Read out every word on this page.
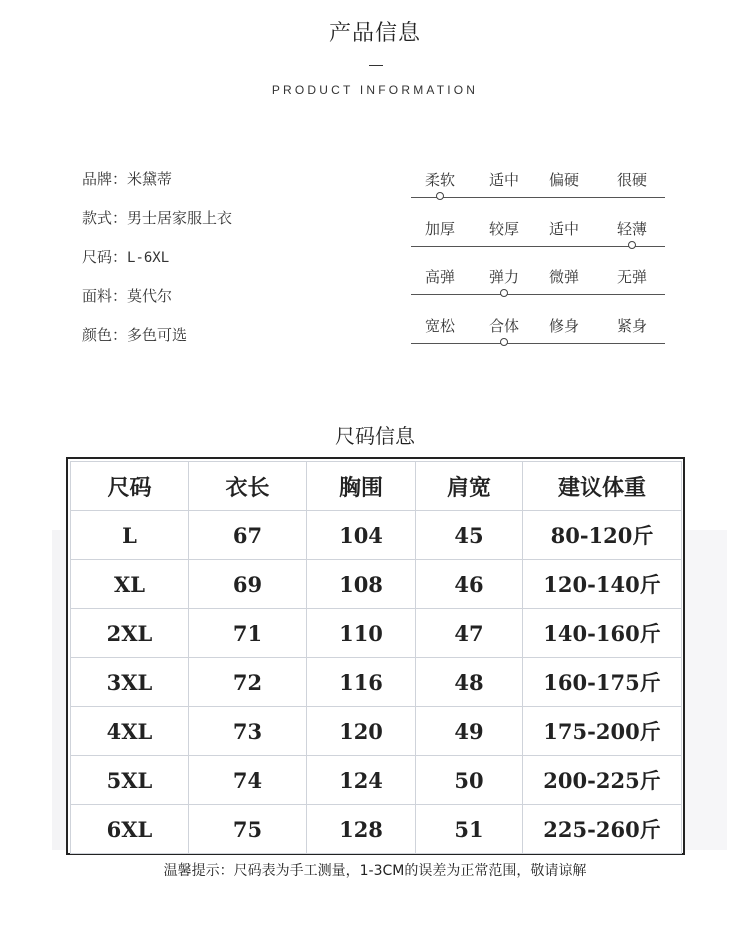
产品信息
PRODUCT INFORMATION
品牌：米黛蒂
款式：男士居家服上衣
尺码：L-6XL
面料：莫代尔
颜色：多色可选
柔软 适中 偏硬	很硬
加厚 较厚 适中	轻薄
高弹 弹力 微弹	无弹
宽松 合体 修身	紧身
尺码信息
尺码	衣长	胸围	肩宽	建议体重
L	67	104	45	80-120斤
XL	69	108	46	120-140斤
2XL	71	110	47	140-160斤
3XL	72	116	48	160-175斤
4XL	73	120	49	175-200斤
5XL	74	124	50	200-225斤
6XL	75	128	51	225-260斤
温馨提示：尺码表为手工测量，1-3CM的误差为正常范围，敬请谅解
